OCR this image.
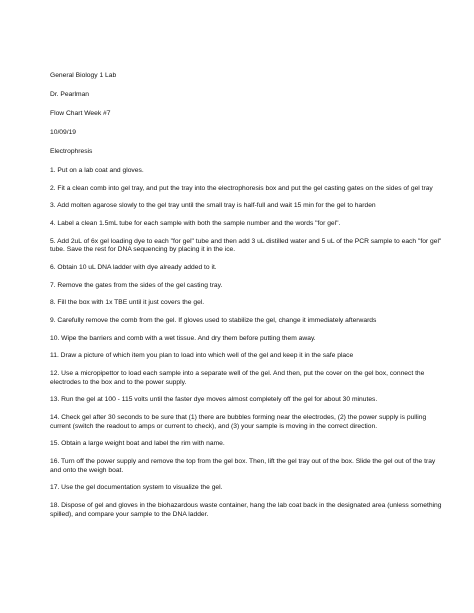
General Biology 1 Lab
Dr. Pearlman
Flow Chart Week #7
10/09/19
Electrophresis
1. Put on a lab coat and gloves.
2. Fit a clean comb into gel tray, and put the tray into the electrophoresis box and put the gel casting gates on the sides of gel tray
3. Add molten agarose slowly to the gel tray until the small tray is half-full and wait 15 min for the gel to harden
4. Label a clean 1.5mL tube for each sample with both the sample number and the words "for gel".
5. Add 2uL of 6x gel loading dye to each "for gel" tube and then add 3 uL distilled water and 5 uL of the PCR sample to each "for gel" tube. Save the rest for DNA sequencing by placing it in the ice.
6. Obtain 10 uL DNA ladder with dye already added to it.
7. Remove the gates from the sides of the gel casting tray.
8. Fill the box with 1x TBE until it just covers the gel.
9. Carefully remove the comb from the gel. If gloves used to stabilize the gel, change it immediately afterwards
10. Wipe the barriers and comb with a wet tissue. And dry them before putting them away.
11. Draw a picture of which item you plan to load into which well of the gel and keep it in the safe place
12. Use a micropipettor to load each sample into a separate well of the gel. And then, put the cover on the gel box, connect the electrodes to the box and to the power supply.
13. Run the gel at 100 - 115 volts until the faster dye moves almost completely off the gel for about 30 minutes.
14. Check gel after 30 seconds to be sure that (1) there are bubbles forming near the electrodes, (2) the power supply is pulling current (switch the readout to amps or current to check), and (3) your sample is moving in the correct direction.
15. Obtain a large weight boat and label the rim with name.
16. Turn off the power supply and remove the top from the gel box. Then, lift the gel tray out of the box. Slide the gel out of the tray and onto the weigh boat.
17. Use the gel documentation system to visualize the gel.
18. Dispose of gel and gloves in the biohazardous waste container, hang the lab coat back in the designated area (unless something spilled), and compare your sample to the DNA ladder.
